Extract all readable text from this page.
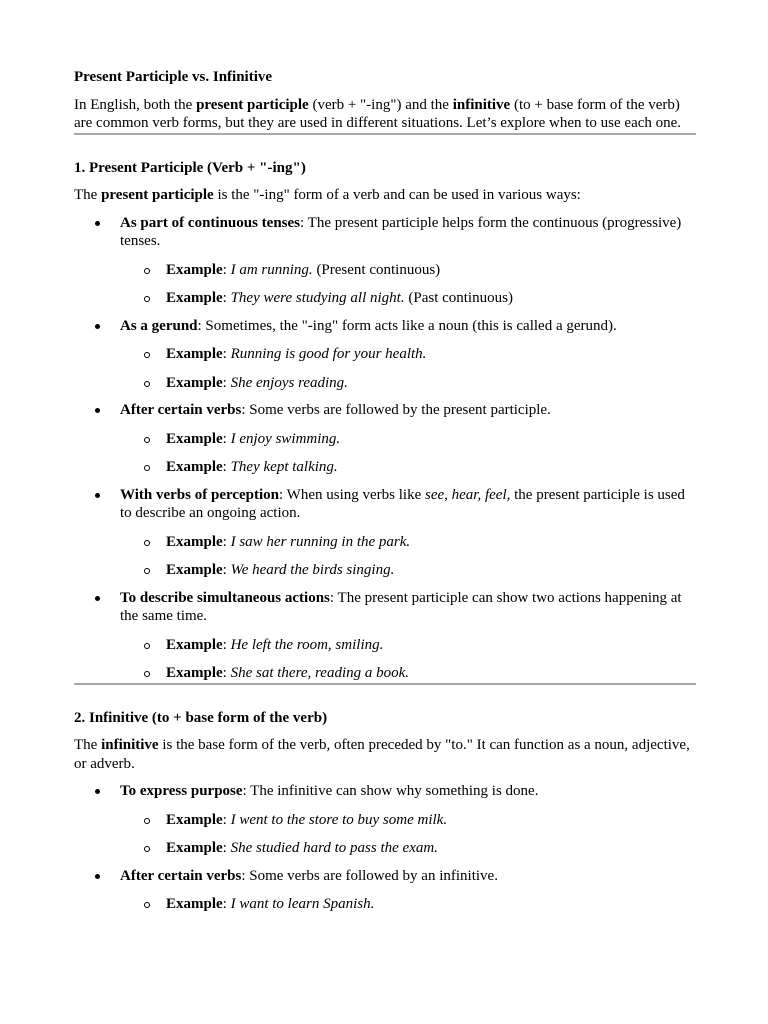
Present Participle vs. Infinitive

In English, both the present participle (verb + "-ing") and the infinitive (to + base form of the verb) are common verb forms, but they are used in different situations. Let’s explore when to use each one.

1. Present Participle (Verb + "-ing")

The present participle is the "-ing" form of a verb and can be used in various ways:

As part of continuous tenses: The present participle helps form the continuous (progressive) tenses.
Example: I am running. (Present continuous)
Example: They were studying all night. (Past continuous)
As a gerund: Sometimes, the "-ing" form acts like a noun (this is called a gerund).
Example: Running is good for your health.
Example: She enjoys reading.
After certain verbs: Some verbs are followed by the present participle.
Example: I enjoy swimming.
Example: They kept talking.
With verbs of perception: When using verbs like see, hear, feel, the present participle is used to describe an ongoing action.
Example: I saw her running in the park.
Example: We heard the birds singing.
To describe simultaneous actions: The present participle can show two actions happening at the same time.
Example: He left the room, smiling.
Example: She sat there, reading a book.

2. Infinitive (to + base form of the verb)

The infinitive is the base form of the verb, often preceded by "to." It can function as a noun, adjective, or adverb.

To express purpose: The infinitive can show why something is done.
Example: I went to the store to buy some milk.
Example: She studied hard to pass the exam.
After certain verbs: Some verbs are followed by an infinitive.
Example: I want to learn Spanish.
